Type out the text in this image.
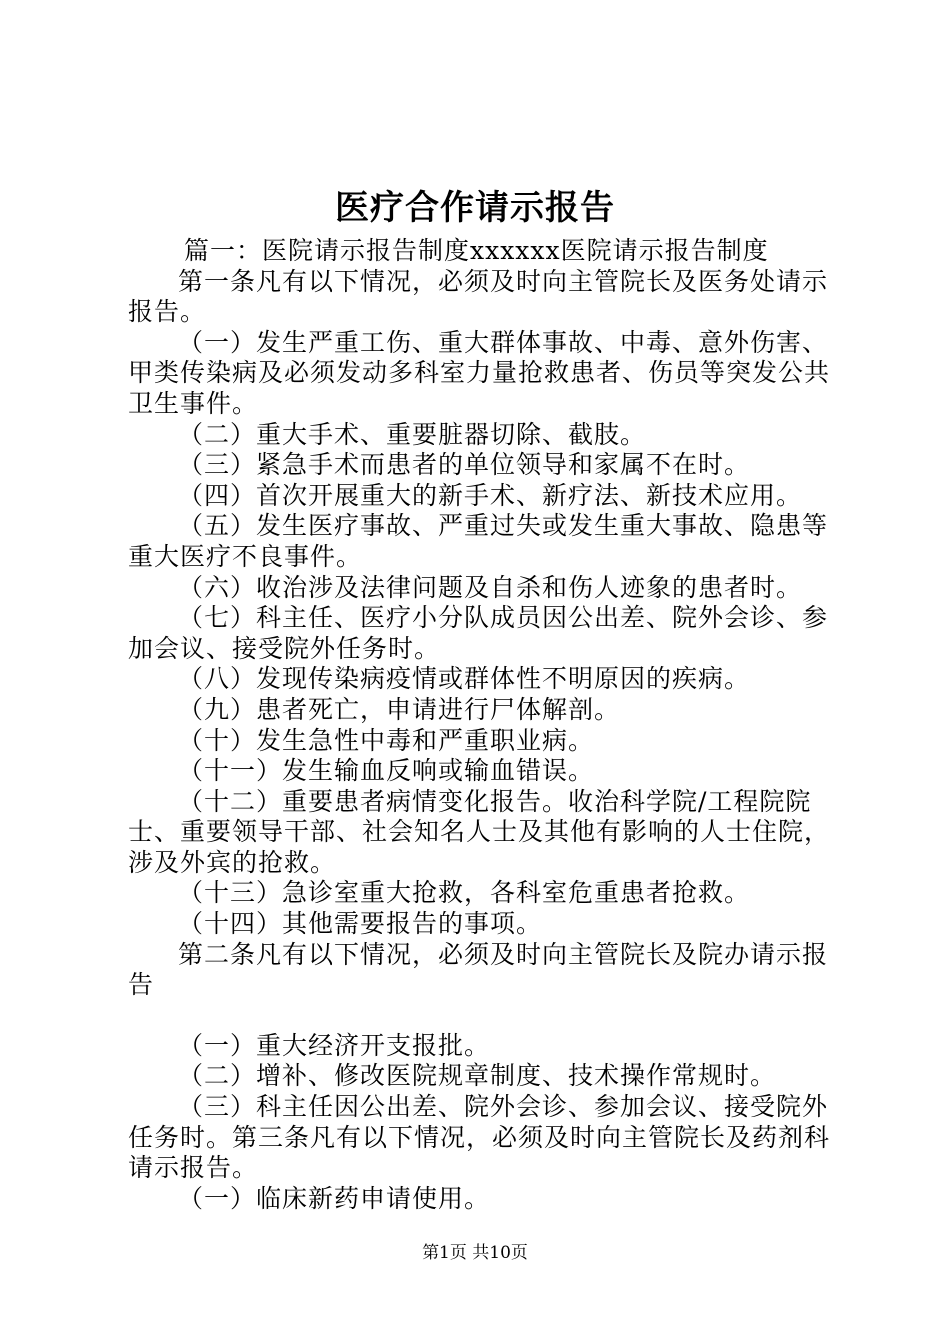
医疗合作请示报告

篇一：医院请示报告制度xxxxxx医院请示报告制度

第一条凡有以下情况，必须及时向主管院长及医务处请示报告。

（一）发生严重工伤、重大群体事故、中毒、意外伤害、甲类传染病及必须发动多科室力量抢救患者、伤员等突发公共卫生事件。

（二）重大手术、重要脏器切除、截肢。

（三）紧急手术而患者的单位领导和家属不在时。

（四）首次开展重大的新手术、新疗法、新技术应用。

（五）发生医疗事故、严重过失或发生重大事故、隐患等重大医疗不良事件。

（六）收治涉及法律问题及自杀和伤人迹象的患者时。

（七）科主任、医疗小分队成员因公出差、院外会诊、参加会议、接受院外任务时。

（八）发现传染病疫情或群体性不明原因的疾病。

（九）患者死亡，申请进行尸体解剖。

（十）发生急性中毒和严重职业病。

（十一）发生输血反响或输血错误。

（十二）重要患者病情变化报告。收治科学院/工程院院士、重要领导干部、社会知名人士及其他有影响的人士住院，涉及外宾的抢救。

（十三）急诊室重大抢救，各科室危重患者抢救。

（十四）其他需要报告的事项。

第二条凡有以下情况，必须及时向主管院长及院办请示报告

（一）重大经济开支报批。

（二）增补、修改医院规章制度、技术操作常规时。

（三）科主任因公出差、院外会诊、参加会议、接受院外任务时。第三条凡有以下情况，必须及时向主管院长及药剂科请示报告。

（一）临床新药申请使用。

第1页 共10页
